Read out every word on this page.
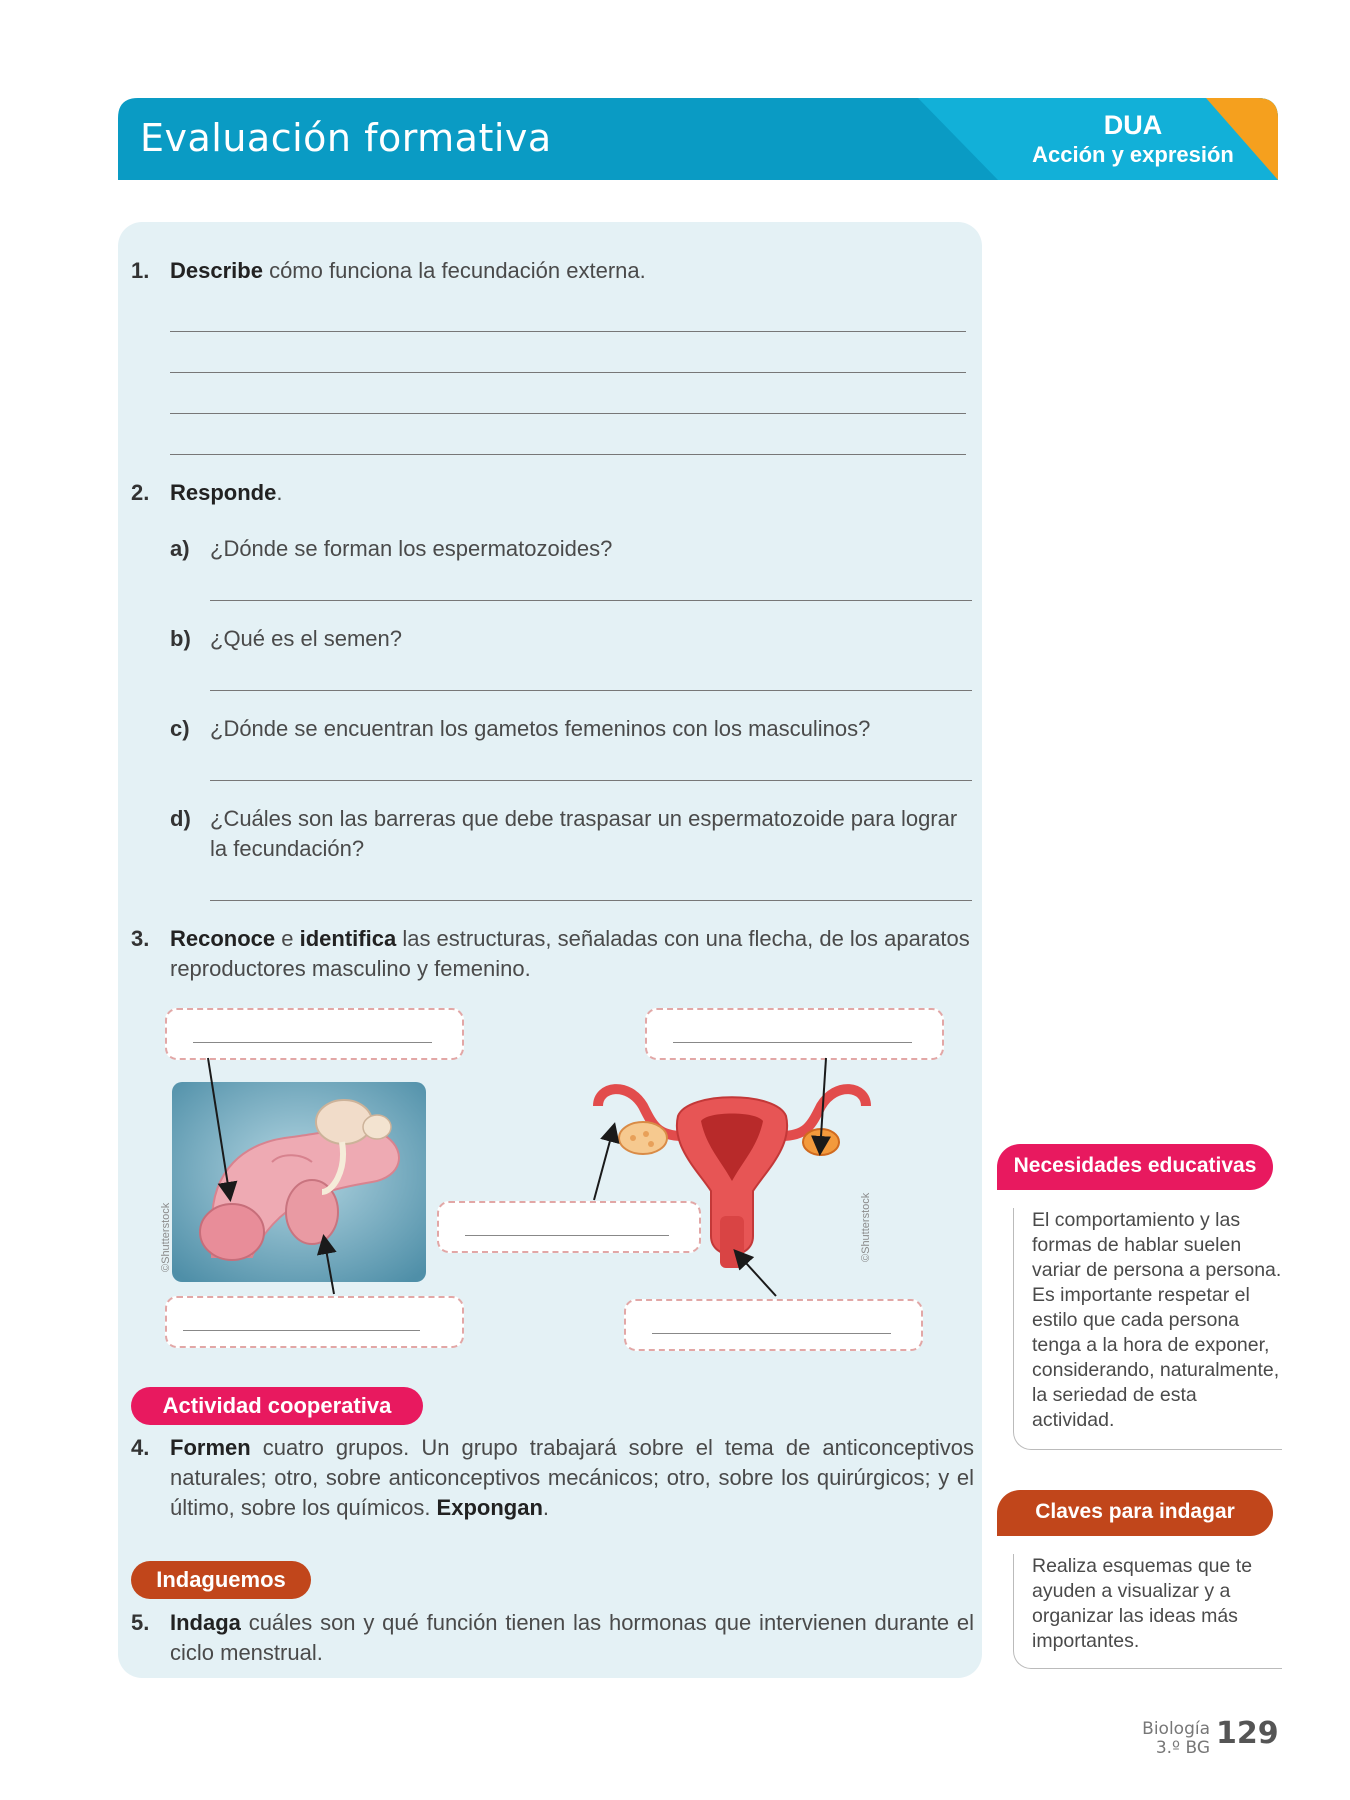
Evaluación formativa	DUA
Acción y expresión
1. Describe cómo funciona la fecundación externa.
2. Responde.
a) ¿Dónde se forman los espermatozoides?
b) ¿Qué es el semen?
c) ¿Dónde se encuentran los gametos femeninos con los masculinos?
d) ¿Cuáles son las barreras que debe traspasar un espermatozoide para lograr la fecundación?
3. Reconoce e identifica las estructuras, señaladas con una flecha, de los aparatos reproductores masculino y femenino.
©Shutterstock	©Shutterstock
Actividad cooperativa
4. Formen cuatro grupos. Un grupo trabajará sobre el tema de anticonceptivos naturales; otro, sobre anticonceptivos mecánicos; otro, sobre los quirúrgicos; y el último, sobre los químicos. Expongan.
Indaguemos
5. Indaga cuáles son y qué función tienen las hormonas que intervienen durante el ciclo menstrual.
Necesidades educativas
El comportamiento y las formas de hablar suelen variar de persona a persona. Es importante respetar el estilo que cada persona tenga a la hora de exponer, considerando, naturalmente, la seriedad de esta actividad.
Claves para indagar
Realiza esquemas que te ayuden a visualizar y a organizar las ideas más importantes.
Biología
3.º BG 129
